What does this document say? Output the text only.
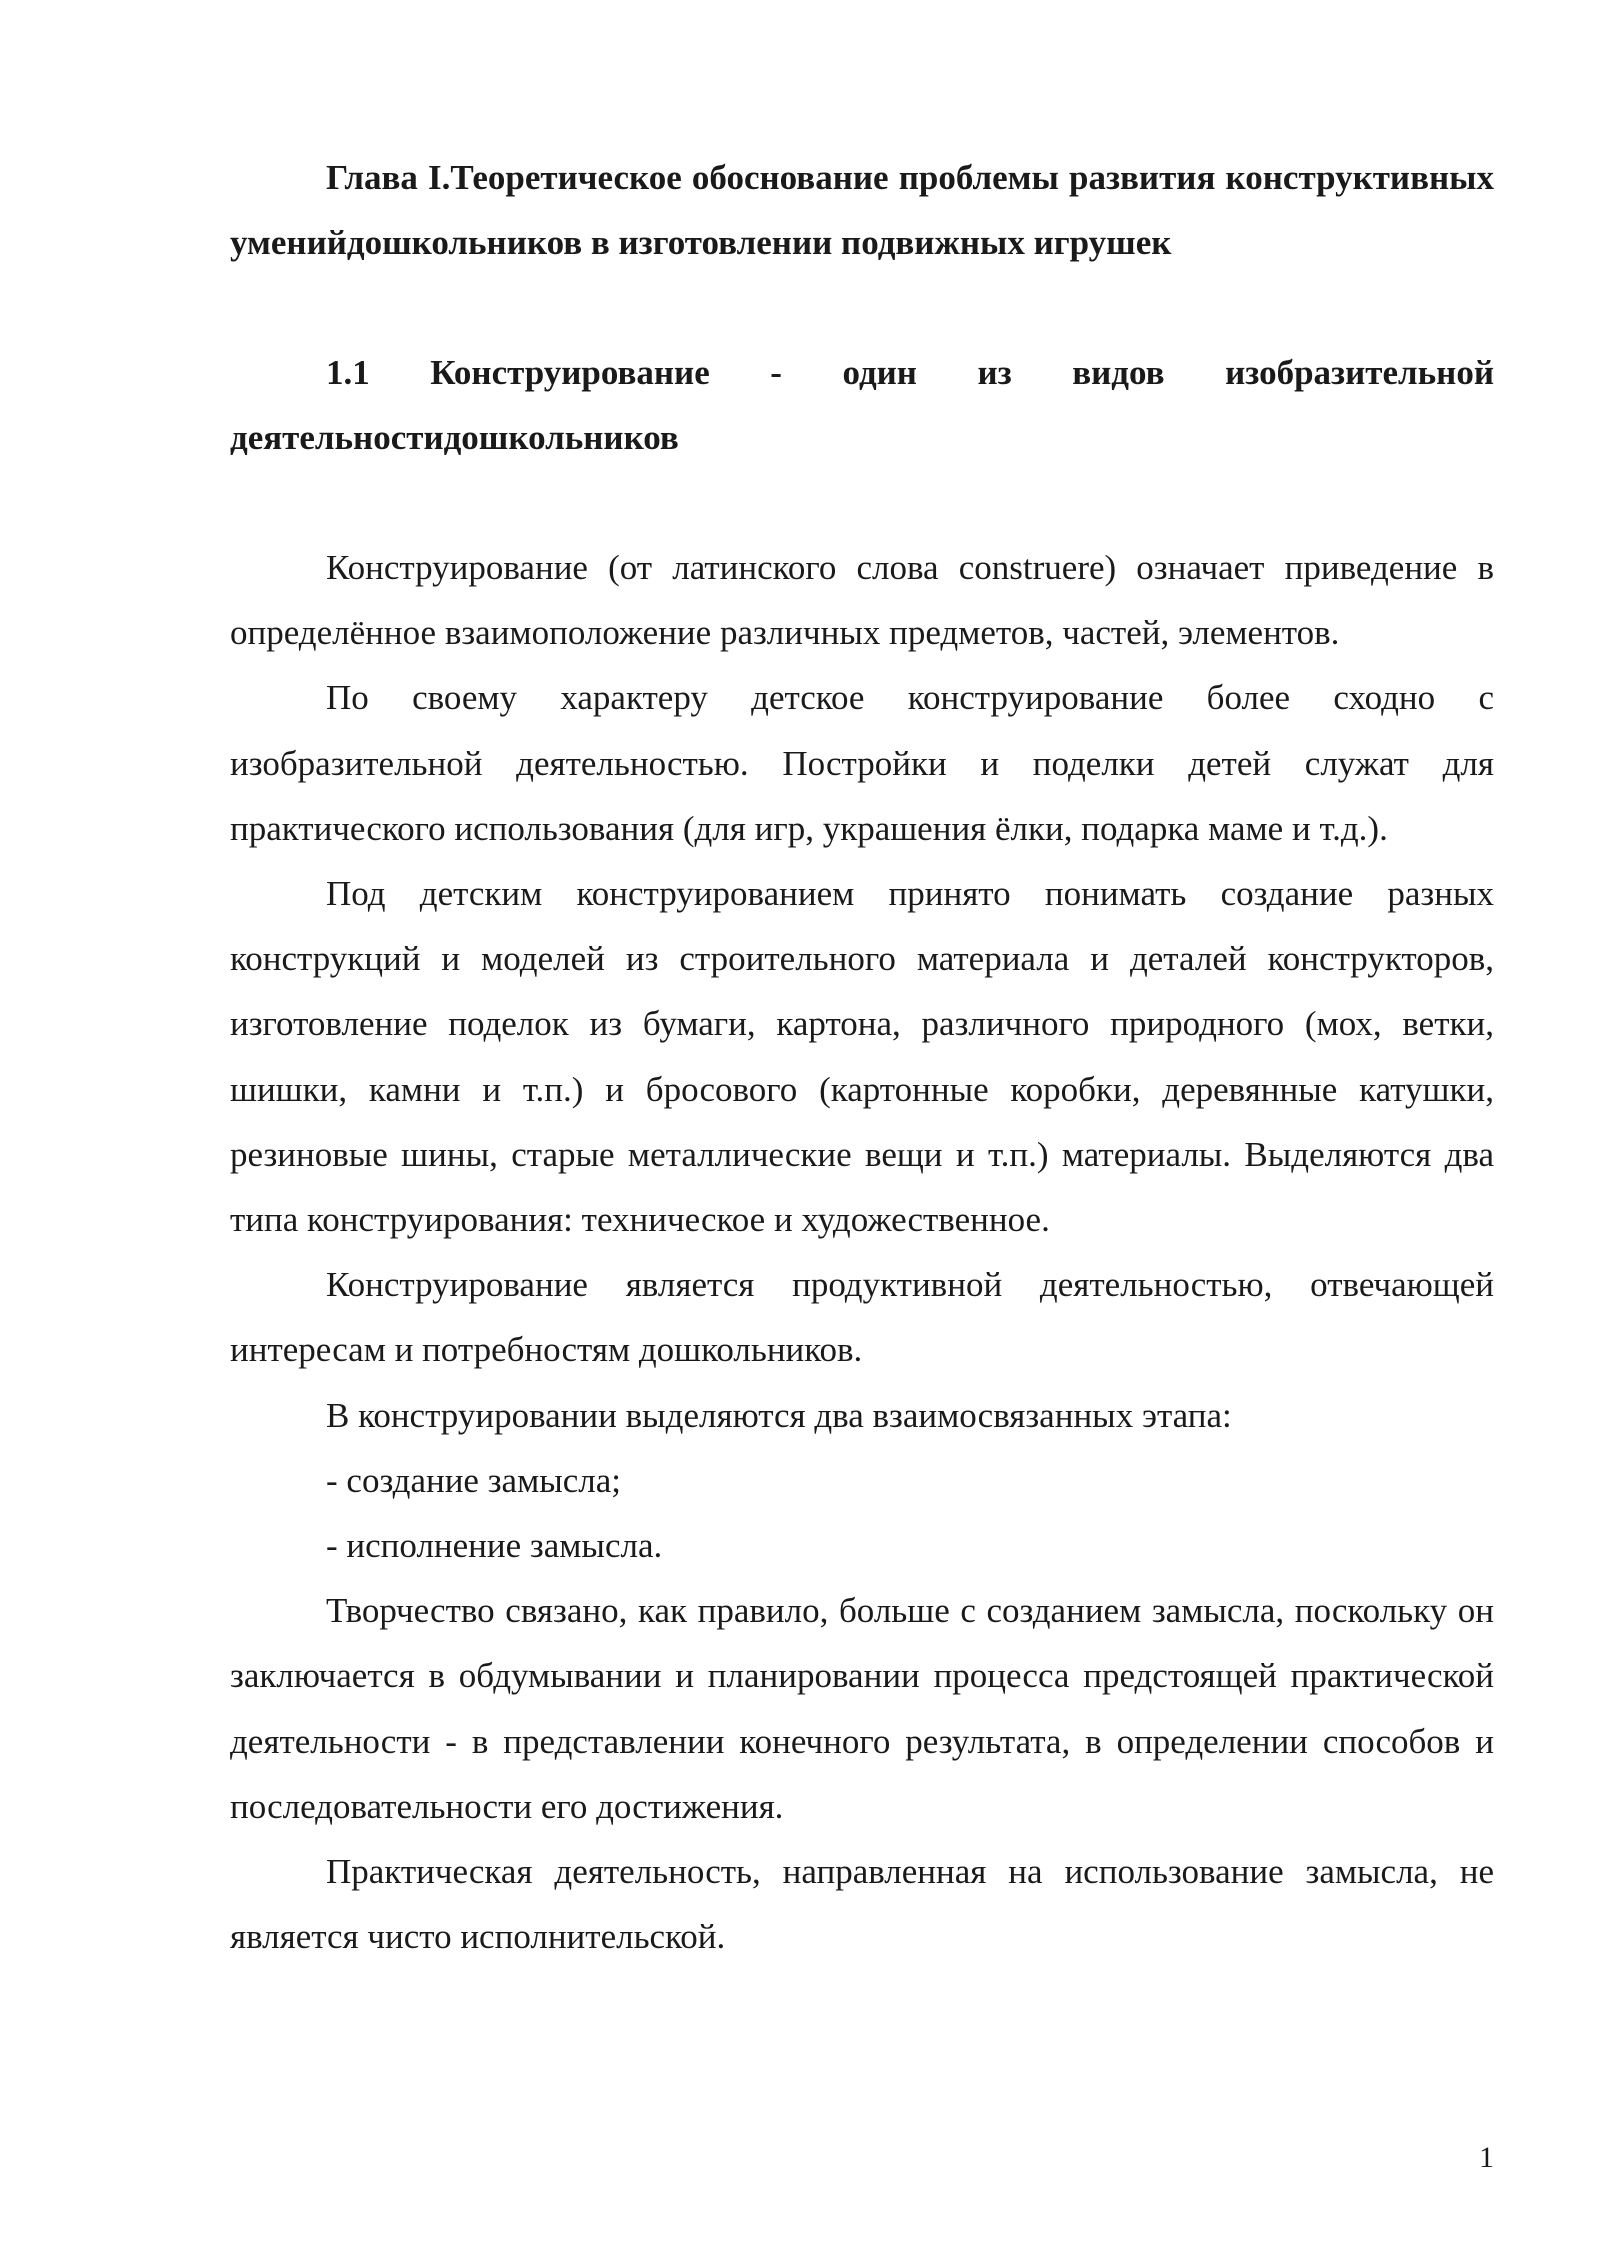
Глава I.Теоретическое обоснование проблемы развития конструктивных уменийдошкольников в изготовлении подвижных игрушек

1.1 Конструирование - один из видов изобразительной деятельностидошкольников

Конструирование (от латинского слова construere) означает приведение в определённое взаимоположение различных предметов, частей, элементов.

По своему характеру детское конструирование более сходно с изобразительной деятельностью. Постройки и поделки детей служат для практического использования (для игр, украшения ёлки, подарка маме и т.д.).

Под детским конструированием принято понимать создание разных конструкций и моделей из строительного материала и деталей конструкторов, изготовление поделок из бумаги, картона, различного природного (мох, ветки, шишки, камни и т.п.) и бросового (картонные коробки, деревянные катушки, резиновые шины, старые металлические вещи и т.п.) материалы. Выделяются два типа конструирования: техническое и художественное.

Конструирование является продуктивной деятельностью, отвечающей интересам и потребностям дошкольников.

В конструировании выделяются два взаимосвязанных этапа:

- создание замысла;

- исполнение замысла.

Творчество связано, как правило, больше с созданием замысла, поскольку он заключается в обдумывании и планировании процесса предстоящей практической деятельности - в представлении конечного результата, в определении способов и последовательности его достижения.

Практическая деятельность, направленная на использование замысла, не является чисто исполнительской.

1
